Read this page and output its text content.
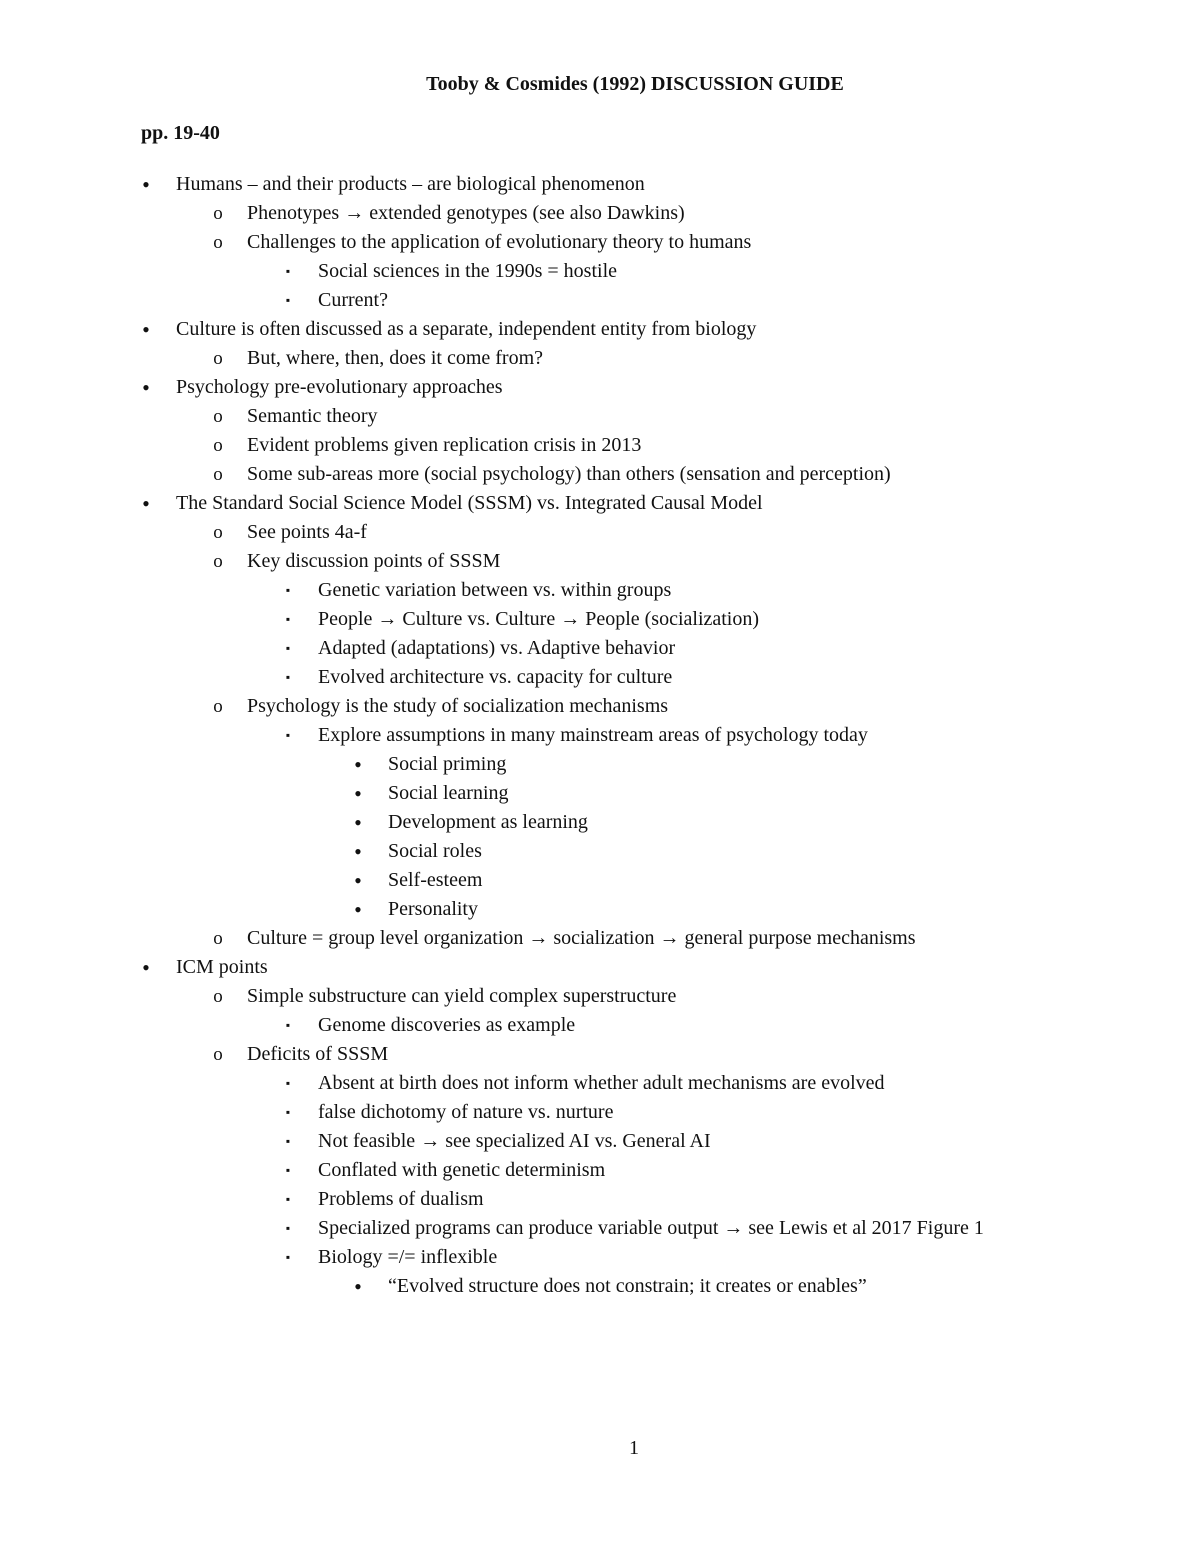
Tooby & Cosmides (1992) DISCUSSION GUIDE
pp. 19-40
•	Humans – and their products – are biological phenomenon
o Phenotypes → extended genotypes (see also Dawkins)
o Challenges to the application of evolutionary theory to humans
▪	Social sciences in the 1990s = hostile
▪	Current?
•	Culture is often discussed as a separate, independent entity from biology
o But, where, then, does it come from?
•	Psychology pre-evolutionary approaches
o Semantic theory
o Evident problems given replication crisis in 2013
o Some sub-areas more (social psychology) than others (sensation and perception)
•	The Standard Social Science Model (SSSM) vs. Integrated Causal Model
o See points 4a-f
o Key discussion points of SSSM
▪	Genetic variation between vs. within groups
▪	People → Culture vs. Culture → People (socialization)
▪	Adapted (adaptations) vs. Adaptive behavior
▪	Evolved architecture vs. capacity for culture
o Psychology is the study of socialization mechanisms
▪	Explore assumptions in many mainstream areas of psychology today
•	Social priming
•	Social learning
•	Development as learning
•	Social roles
•	Self-esteem
•	Personality
o Culture = group level organization → socialization → general purpose mechanisms
•	ICM points
o Simple substructure can yield complex superstructure
▪	Genome discoveries as example
o Deficits of SSSM
▪	Absent at birth does not inform whether adult mechanisms are evolved
▪	false dichotomy of nature vs. nurture
▪	Not feasible → see specialized AI vs. General AI
▪	Conflated with genetic determinism
▪	Problems of dualism
▪	Specialized programs can produce variable output → see Lewis et al 2017 Figure 1
▪	Biology =/= inflexible
•	“Evolved structure does not constrain; it creates or enables”
1
